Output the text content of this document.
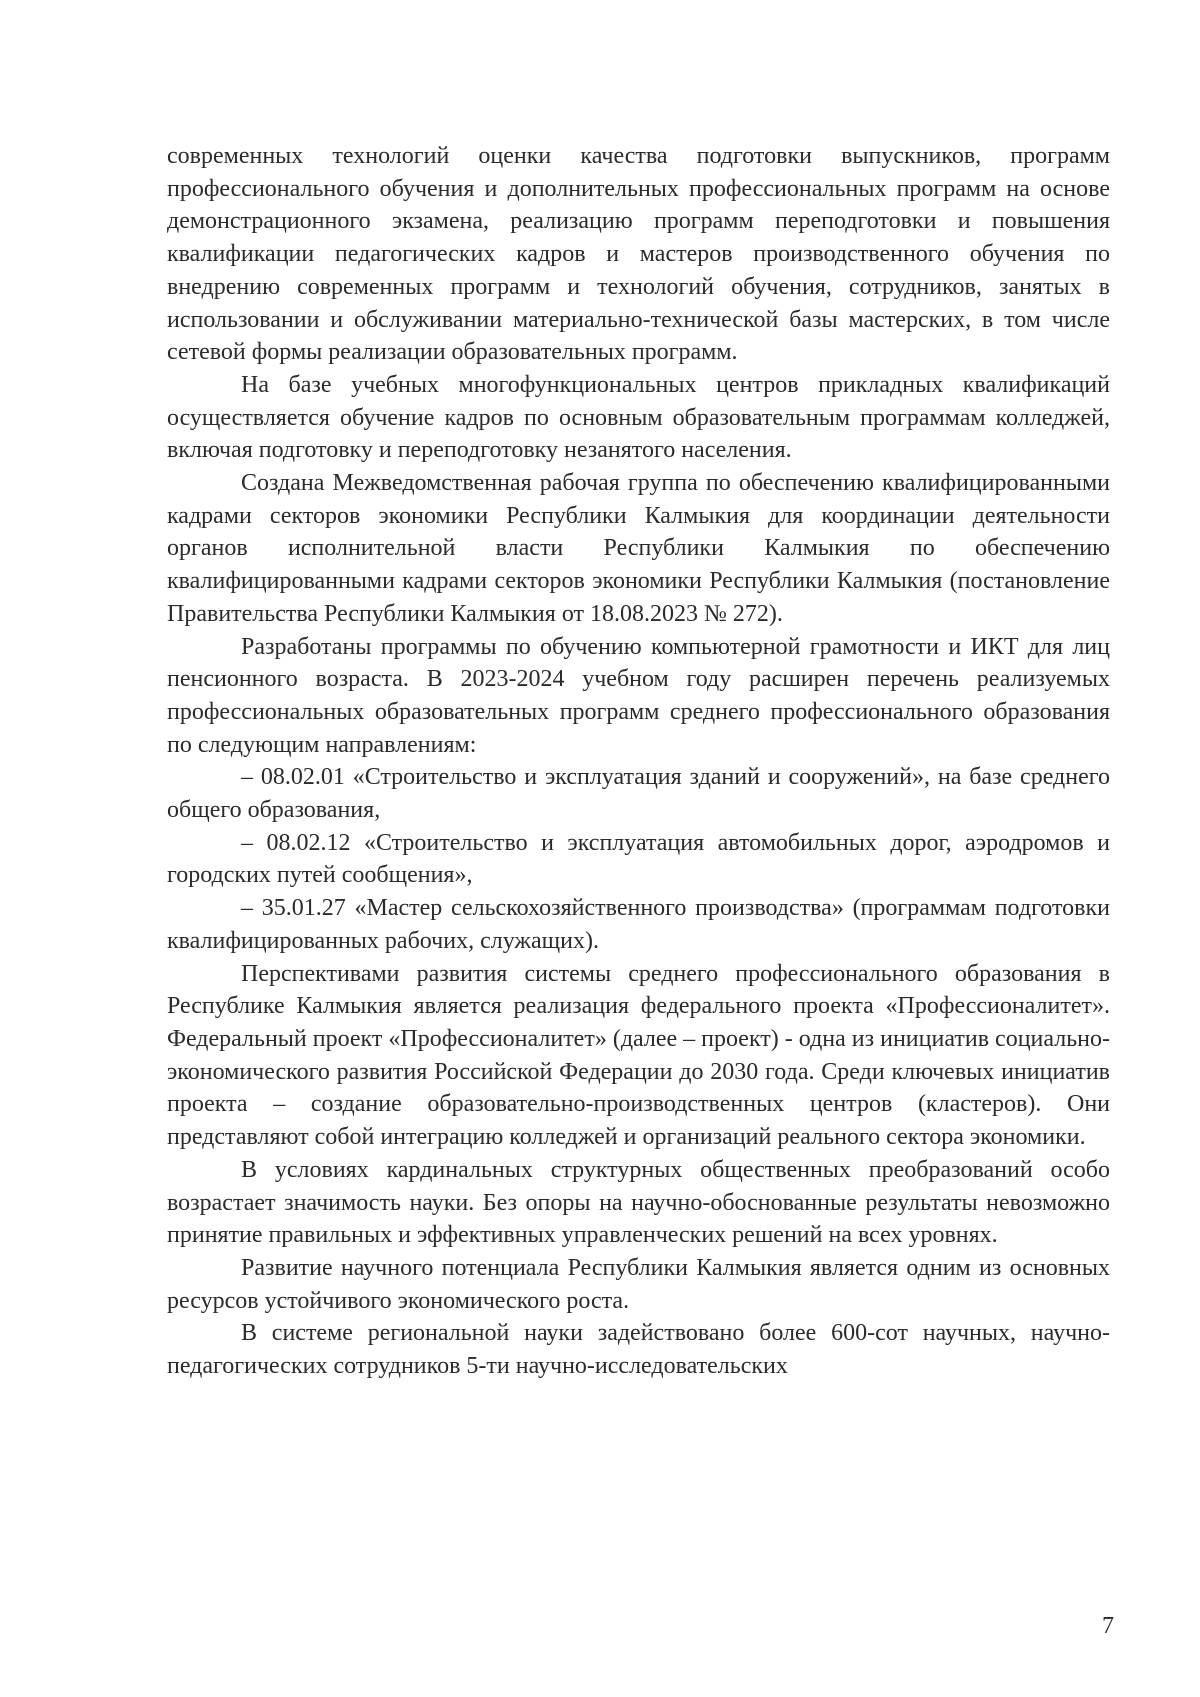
современных технологий оценки качества подготовки выпускников, программ профессионального обучения и дополнительных профессиональных программ на основе демонстрационного экзамена, реализацию программ переподготовки и повышения квалификации педагогических кадров и мастеров производственного обучения по внедрению современных программ и технологий обучения, сотрудников, занятых в использовании и обслуживании материально-технической базы мастерских, в том числе сетевой формы реализации образовательных программ.

На базе учебных многофункциональных центров прикладных квалификаций осуществляется обучение кадров по основным образовательным программам колледжей, включая подготовку и переподготовку незанятого населения.

Создана Межведомственная рабочая группа по обеспечению квалифицированными кадрами секторов экономики Республики Калмыкия для координации деятельности органов исполнительной власти Республики Калмыкия по обеспечению квалифицированными кадрами секторов экономики Республики Калмыкия (постановление Правительства Республики Калмыкия от 18.08.2023 № 272).

Разработаны программы по обучению компьютерной грамотности и ИКТ для лиц пенсионного возраста. В 2023-2024 учебном году расширен перечень реализуемых профессиональных образовательных программ среднего профессионального образования по следующим направлениям:

– 08.02.01 «Строительство и эксплуатация зданий и сооружений», на базе среднего общего образования,

– 08.02.12 «Строительство и эксплуатация автомобильных дорог, аэродромов и городских путей сообщения»,

– 35.01.27 «Мастер сельскохозяйственного производства» (программам подготовки квалифицированных рабочих, служащих).

Перспективами развития системы среднего профессионального образования в Республике Калмыкия является реализация федерального проекта «Профессионалитет». Федеральный проект «Профессионалитет» (далее – проект) - одна из инициатив социально-экономического развития Российской Федерации до 2030 года. Среди ключевых инициатив проекта – создание образовательно-производственных центров (кластеров). Они представляют собой интеграцию колледжей и организаций реального сектора экономики.

В условиях кардинальных структурных общественных преобразований особо возрастает значимость науки. Без опоры на научно-обоснованные результаты невозможно принятие правильных и эффективных управленческих решений на всех уровнях.

Развитие научного потенциала Республики Калмыкия является одним из основных ресурсов устойчивого экономического роста.

В системе региональной науки задействовано более 600-сот научных, научно-педагогических сотрудников 5-ти научно-исследовательских

7
